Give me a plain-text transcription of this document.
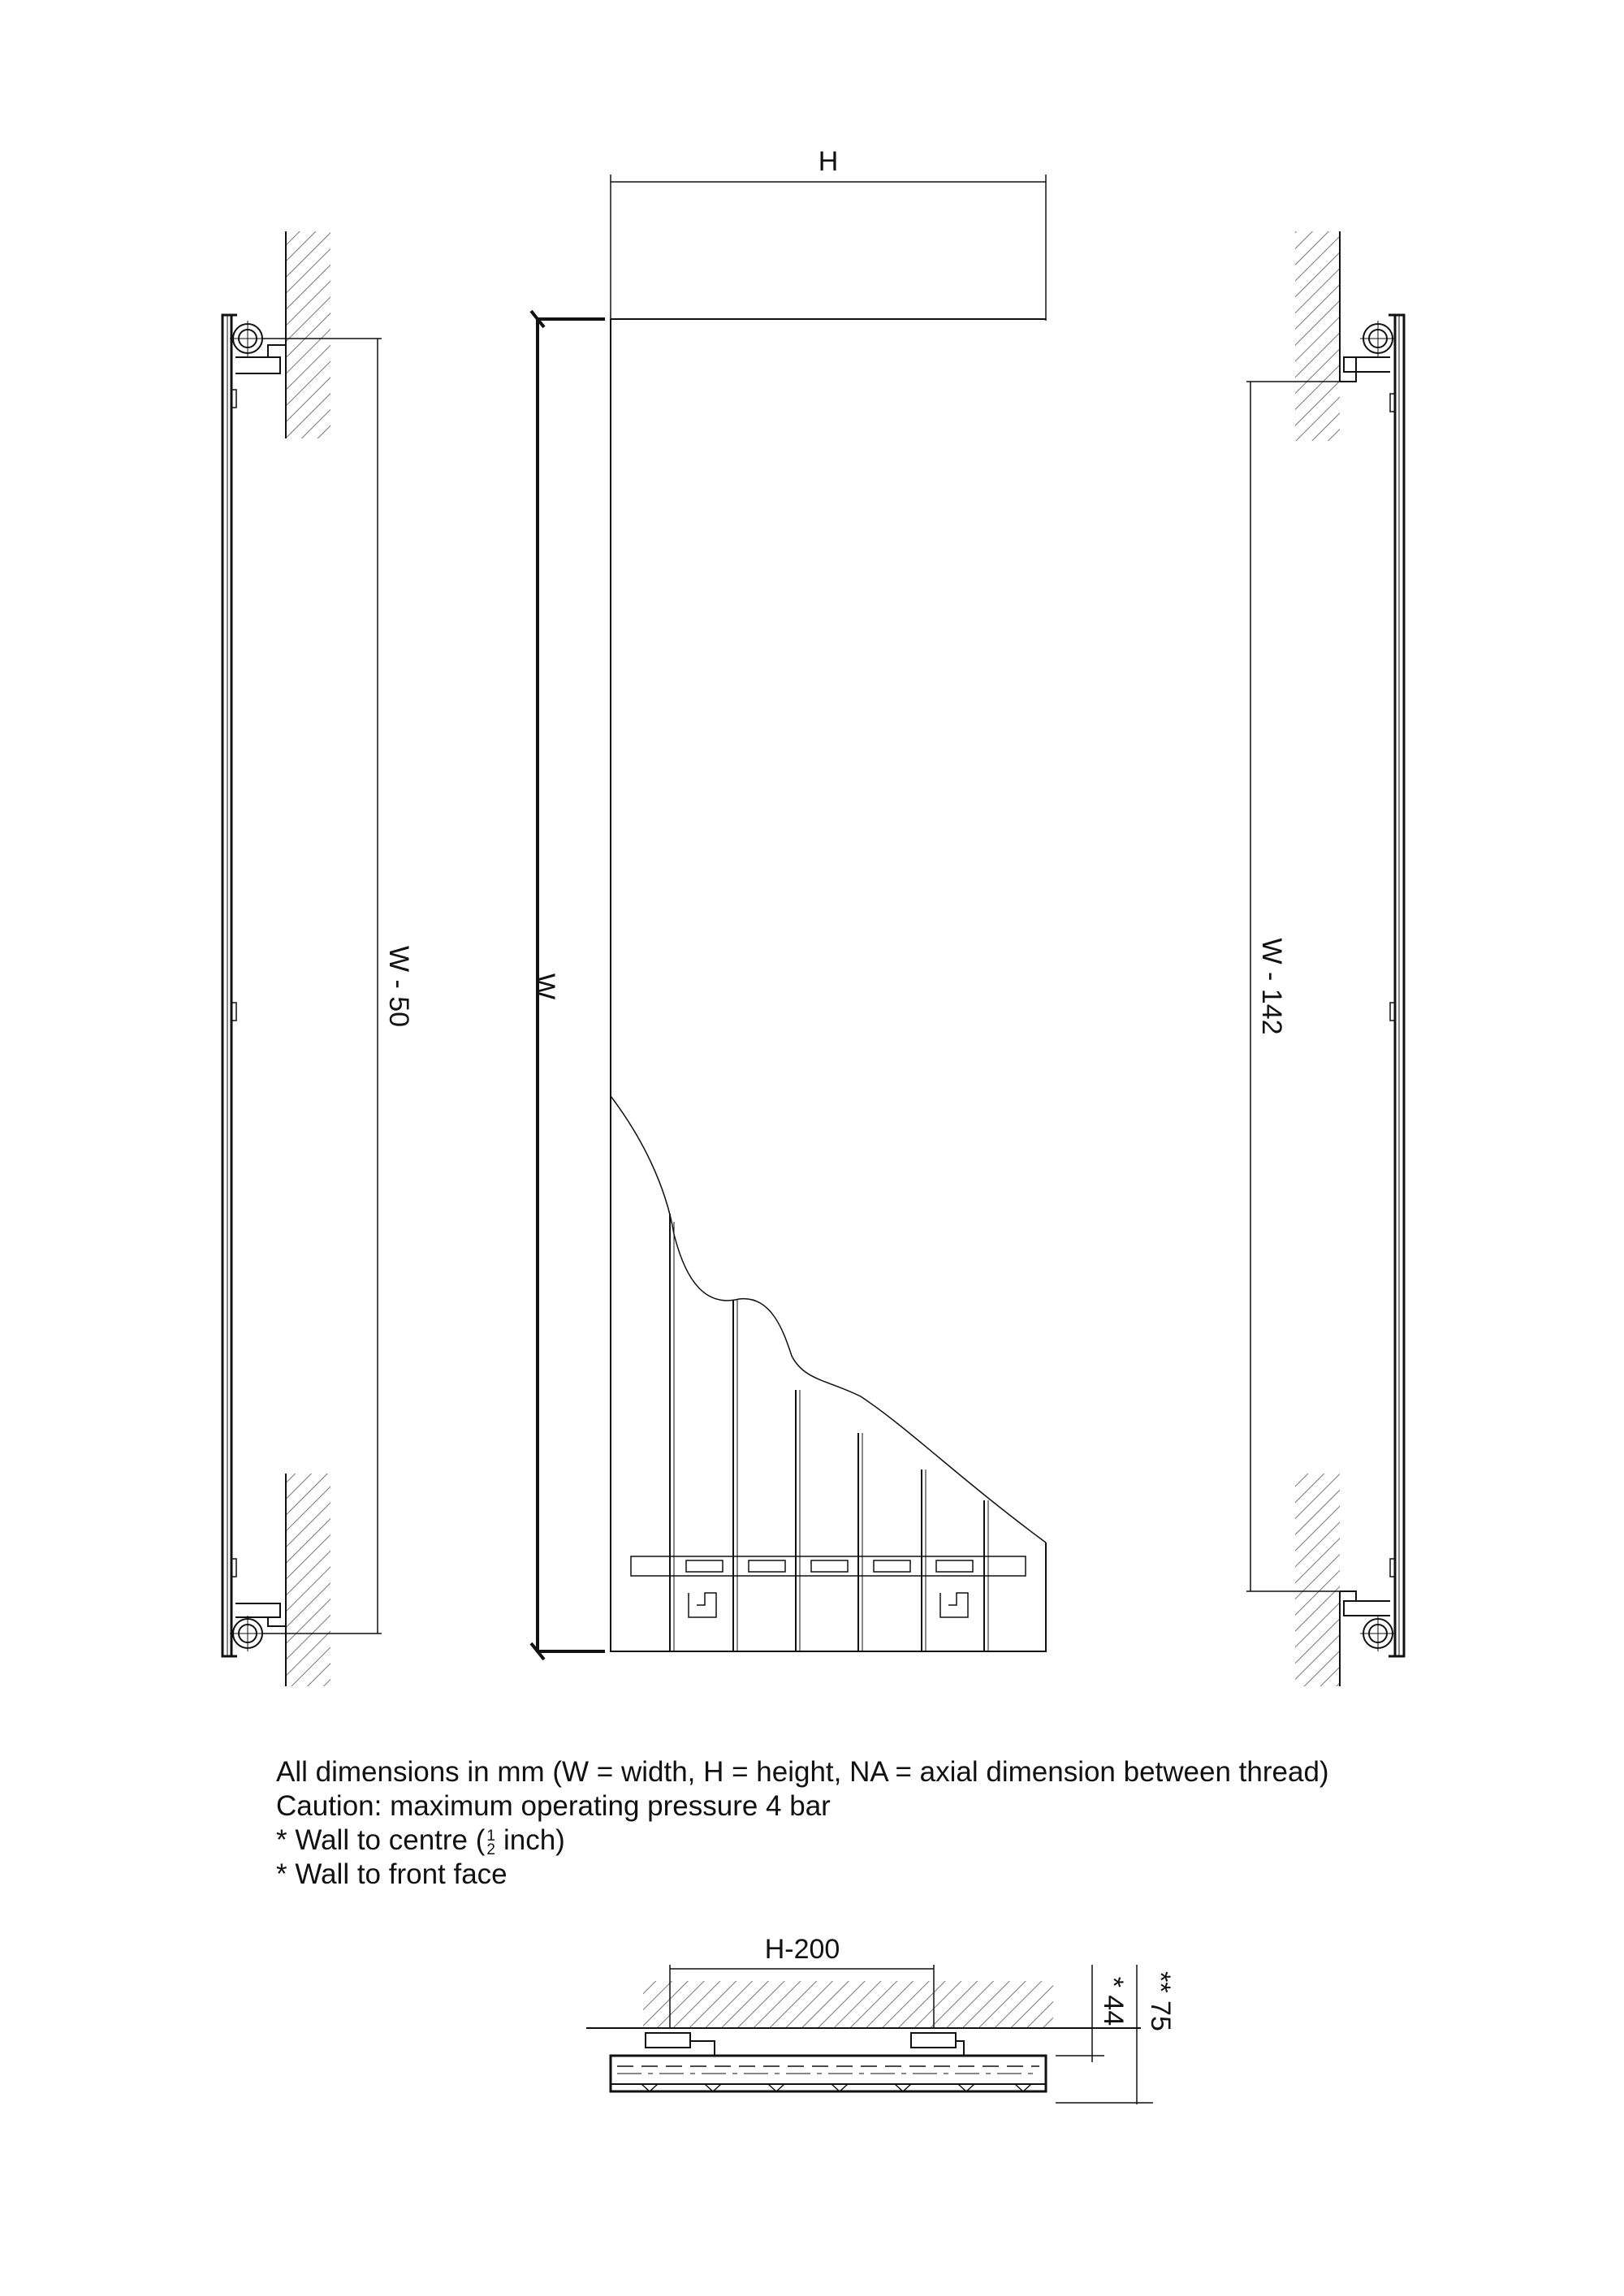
H
W
W - 50	W - 142
H-200
* 44 ** 75
All dimensions in mm (W = width, H = height, NA = axial dimension between thread)
Caution: maximum operating pressure 4 bar
* Wall to centre ( 1
2 inch)
* Wall to front face
